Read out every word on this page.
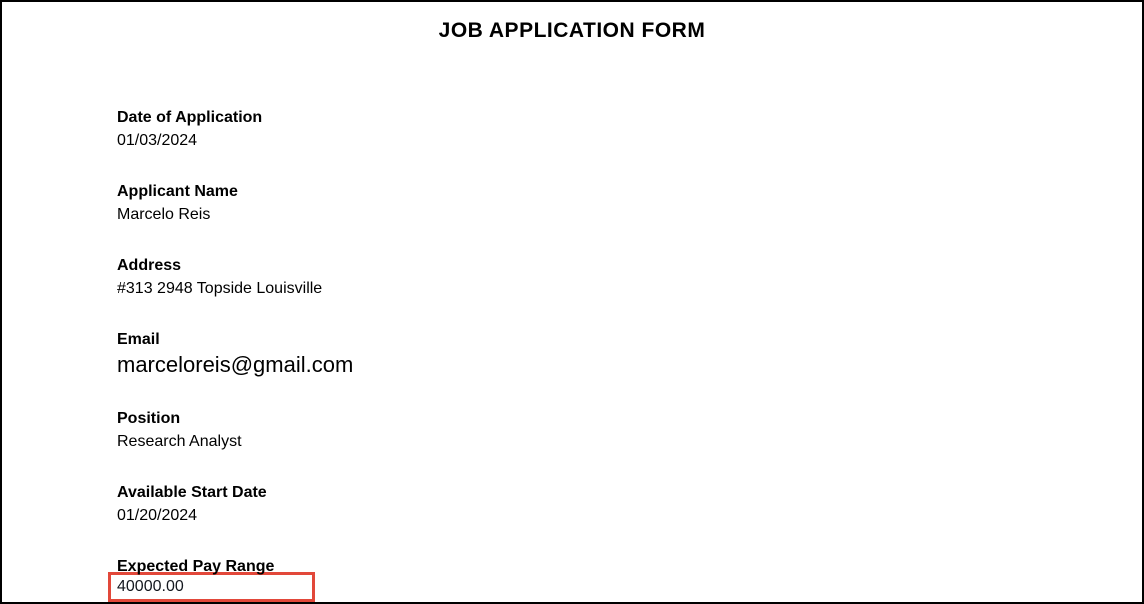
JOB APPLICATION FORM
Date of Application
01/03/2024
Applicant Name
Marcelo Reis
Address
#313 2948 Topside Louisville
Email
marceloreis@gmail.com
Position
Research Analyst
Available Start Date
01/20/2024
Expected Pay Range
40000.00
